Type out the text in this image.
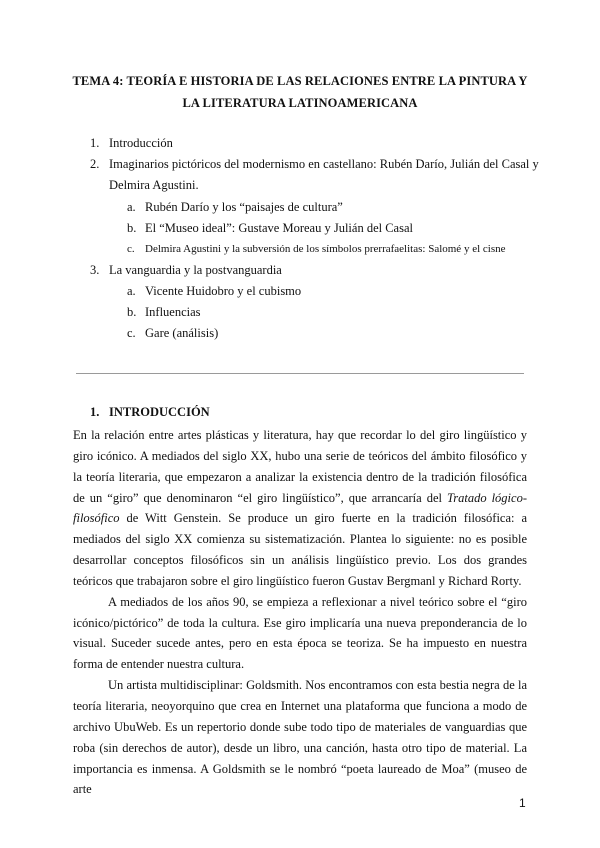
TEMA 4: TEORÍA E HISTORIA DE LAS RELACIONES ENTRE LA PINTURA Y
LA LITERATURA LATINOAMERICANA
1. Introducción
2. Imaginarios pictóricos del modernismo en castellano: Rubén Darío, Julián del Casal y
Delmira Agustini.
a. Rubén Darío y los “paisajes de cultura”
b. El “Museo ideal”: Gustave Moreau y Julián del Casal
c. Delmira Agustini y la subversión de los símbolos prerrafaelitas: Salomé y el cisne
3. La vanguardia y la postvanguardia
a. Vicente Huidobro y el cubismo
b. Influencias
c. Gare (análisis)
1. INTRODUCCIÓN

En la relación entre artes plásticas y literatura, hay que recordar lo del giro lingüístico y giro icónico. A mediados del siglo XX, hubo una serie de teóricos del ámbito filosófico y la teoría literaria, que empezaron a analizar la existencia dentro de la tradición filosófica de un “giro” que denominaron “el giro lingüístico”, que arrancaría del Tratado lógico-filosófico de Witt Genstein. Se produce un giro fuerte en la tradición filosófica: a mediados del siglo XX comienza su sistematización. Plantea lo siguiente: no es posible desarrollar conceptos filosóficos sin un análisis lingüístico previo. Los dos grandes teóricos que trabajaron sobre el giro lingüístico fueron Gustav Bergmanl y Richard Rorty.

A mediados de los años 90, se empieza a reflexionar a nivel teórico sobre el “giro icónico/pictórico” de toda la cultura. Ese giro implicaría una nueva preponderancia de lo visual. Suceder sucede antes, pero en esta época se teoriza. Se ha impuesto en nuestra forma de entender nuestra cultura.

Un artista multidisciplinar: Goldsmith. Nos encontramos con esta bestia negra de la teoría literaria, neoyorquino que crea en Internet una plataforma que funciona a modo de archivo UbuWeb. Es un repertorio donde sube todo tipo de materiales de vanguardias que roba (sin derechos de autor), desde un libro, una canción, hasta otro tipo de material. La importancia es inmensa. A Goldsmith se le nombró “poeta laureado de Moa” (museo de arte

1
